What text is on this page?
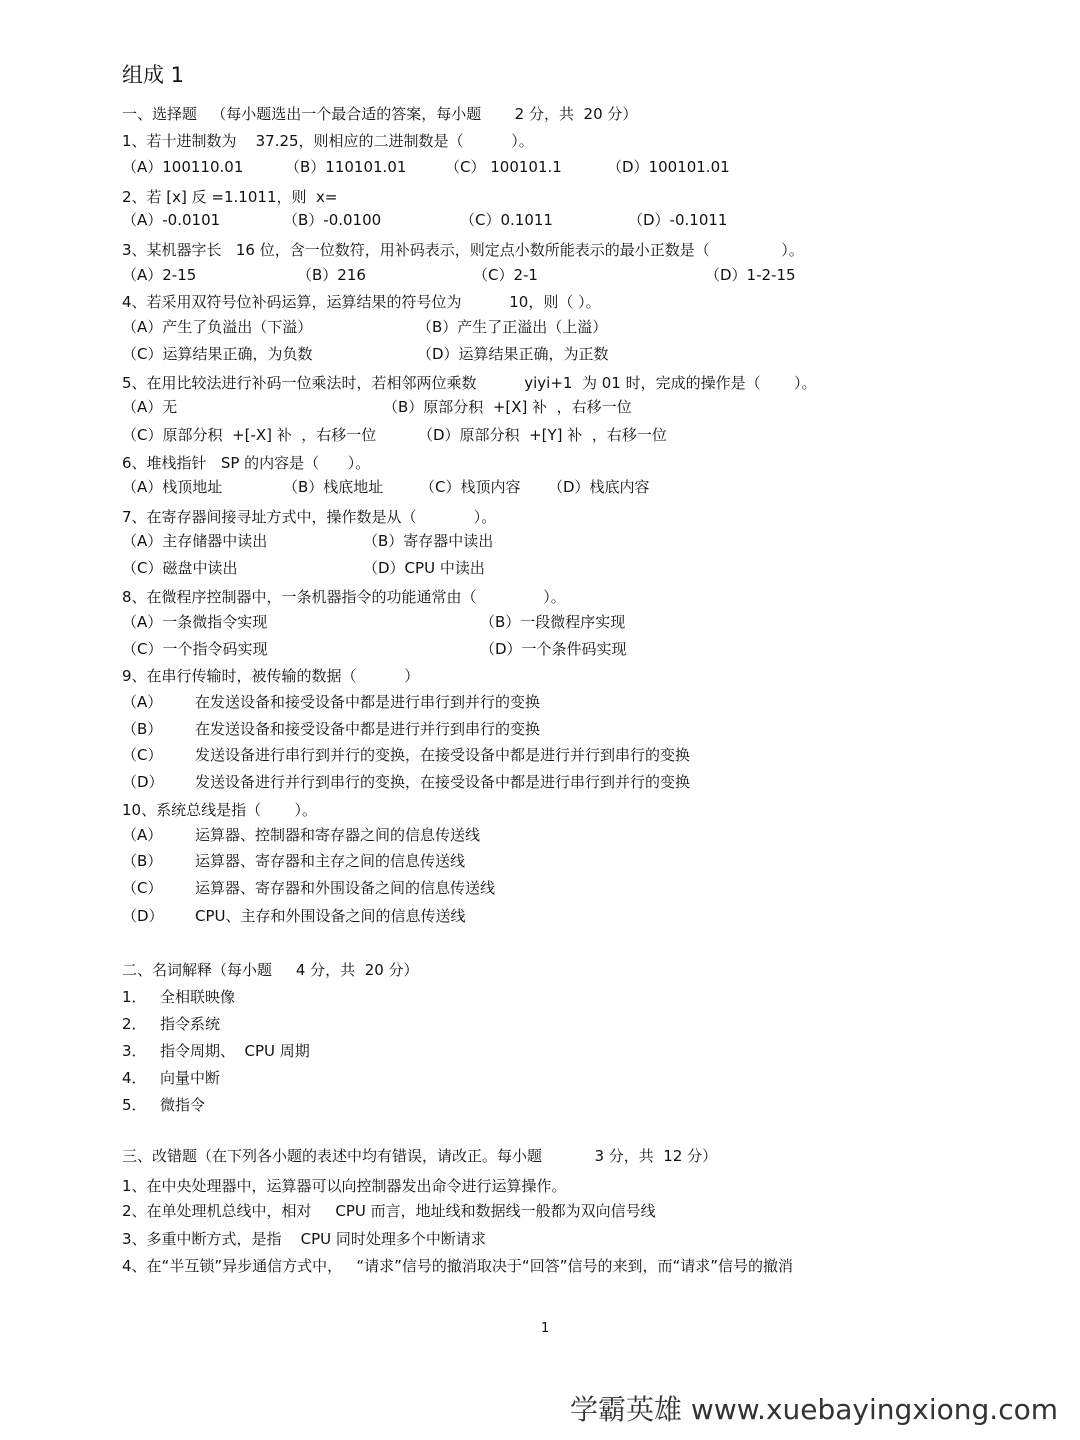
组成 1
一、选择题   （每小题选出一个最合适的答案，每小题       2 分，共  20 分）
1、若十进制数为    37.25，则相应的二进制数是（          ）。
（A）100110.01	（B）110101.01	（C） 100101.1	（D）100101.01
2、若 [x] 反 =1.1011，则  x=
（A）-0.0101	（B）-0.0100	（C）0.1011	（D）-0.1011
3、某机器字长   16 位，含一位数符，用补码表示，则定点小数所能表示的最小正数是（               ）。
（A）2-15	（B）216	（C）2-1	（D）1-2-15
4、若采用双符号位补码运算，运算结果的符号位为          10，则（ ）。
（A）产生了负溢出（下溢）	（B）产生了正溢出（上溢）
（C）运算结果正确，为负数	（D）运算结果正确，为正数
5、在用比较法进行补码一位乘法时，若相邻两位乘数          yiyi+1  为 01 时，完成的操作是（       ）。
（A）无	（B）原部分积  +[X] 补  ，右移一位
（C）原部分积  +[-X] 补  ，右移一位	（D）原部分积  +[Y] 补  ，右移一位
6、堆栈指针   SP 的内容是（      ）。
（A）栈顶地址	（B）栈底地址 （C）栈顶内容 （D）栈底内容
7、在寄存器间接寻址方式中，操作数是从（            ）。
（A）主存储器中读出	（B）寄存器中读出
（C）磁盘中读出	（D）CPU 中读出
8、在微程序控制器中，一条机器指令的功能通常由（              ）。
（A）一条微指令实现	（B）一段微程序实现
（C）一个指令码实现	（D）一个条件码实现
9、在串行传输时，被传输的数据（          ）
（A） 在发送设备和接受设备中都是进行串行到并行的变换
（B） 在发送设备和接受设备中都是进行并行到串行的变换
（C） 发送设备进行串行到并行的变换，在接受设备中都是进行并行到串行的变换
（D） 发送设备进行并行到串行的变换，在接受设备中都是进行串行到并行的变换
10、系统总线是指（       ）。
（A） 运算器、控制器和寄存器之间的信息传送线
（B） 运算器、寄存器和主存之间的信息传送线
（C） 运算器、寄存器和外围设备之间的信息传送线
（D） CPU、主存和外围设备之间的信息传送线
二、名词解释（每小题     4 分，共  20 分）
1． 全相联映像
2． 指令系统
3． 指令周期、  CPU 周期
4． 向量中断
5． 微指令
三、改错题（在下列各小题的表述中均有错误，请改正。每小题           3 分，共  12 分）
1、在中央处理器中，运算器可以向控制器发出命令进行运算操作。
2、在单处理机总线中，相对     CPU 而言，地址线和数据线一般都为双向信号线
3、多重中断方式，是指    CPU 同时处理多个中断请求
4、在“半互锁”异步通信方式中，   “请求”信号的撤消取决于“回答”信号的来到，而“请求”信号的撤消
1
学霸英雄 www.xuebayingxiong.com
